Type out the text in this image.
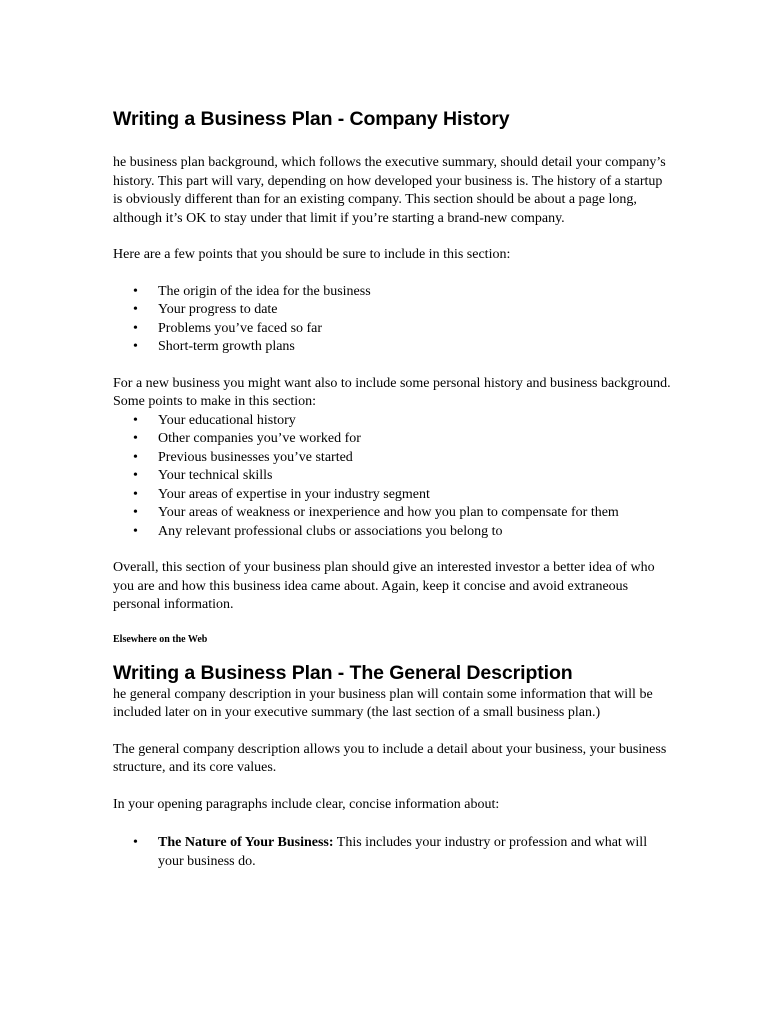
Writing a Business Plan - Company History

he business plan background, which follows the executive summary, should detail your company’s history. This part will vary, depending on how developed your business is. The history of a startup is obviously different than for an existing company. This section should be about a page long, although it’s OK to stay under that limit if you’re starting a brand-new company.

Here are a few points that you should be sure to include in this section:

• The origin of the idea for the business
• Your progress to date
• Problems you’ve faced so far
• Short-term growth plans

For a new business you might want also to include some personal history and business background. Some points to make in this section:

• Your educational history
• Other companies you’ve worked for
• Previous businesses you’ve started
• Your technical skills
• Your areas of expertise in your industry segment
• Your areas of weakness or inexperience and how you plan to compensate for them
• Any relevant professional clubs or associations you belong to

Overall, this section of your business plan should give an interested investor a better idea of who you are and how this business idea came about. Again, keep it concise and avoid extraneous personal information.

Elsewhere on the Web

Writing a Business Plan - The General Description

he general company description in your business plan will contain some information that will be included later on in your executive summary (the last section of a small business plan.)

The general company description allows you to include a detail about your business, your business structure, and its core values.

In your opening paragraphs include clear, concise information about:

• The Nature of Your Business: This includes your industry or profession and what will your business do.
